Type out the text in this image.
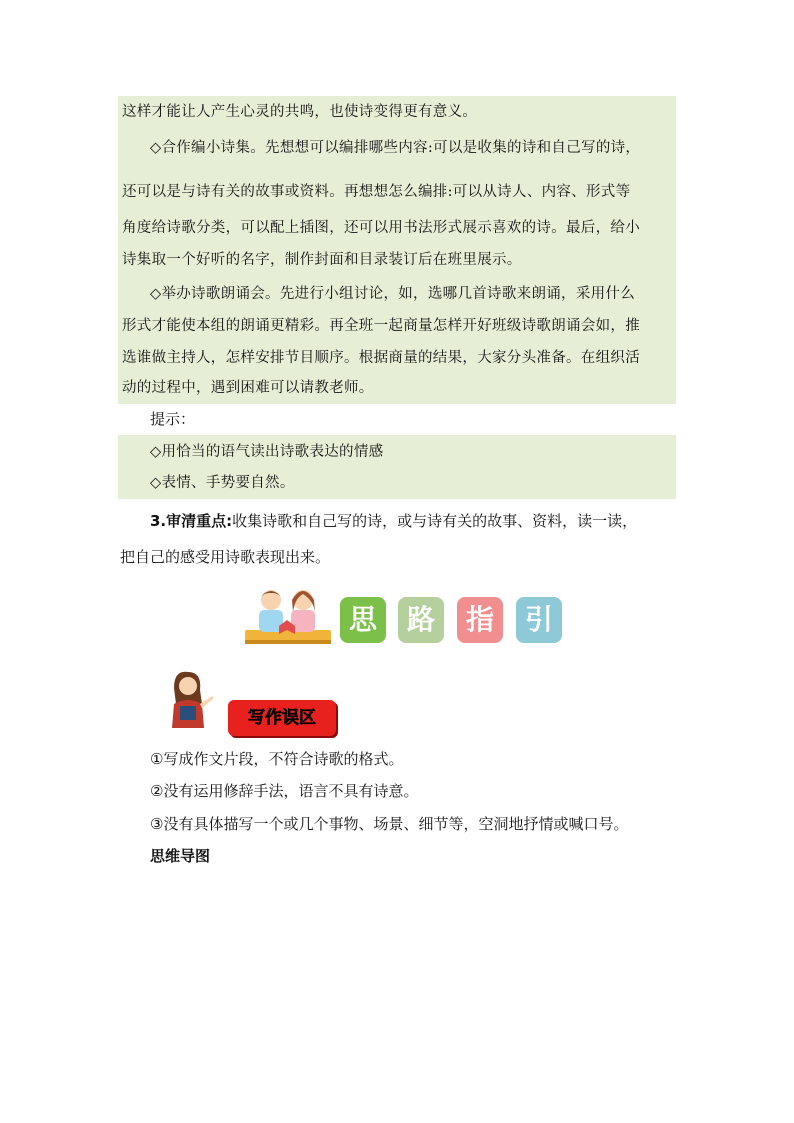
这样才能让人产生心灵的共鸣，也使诗变得更有意义。
◇合作编小诗集。先想想可以编排哪些内容:可以是收集的诗和自己写的诗，
还可以是与诗有关的故事或资料。再想想怎么编排:可以从诗人、内容、形式等
角度给诗歌分类，可以配上插图，还可以用书法形式展示喜欢的诗。最后，给小
诗集取一个好听的名字，制作封面和目录装订后在班里展示。
◇举办诗歌朗诵会。先进行小组讨论，如，选哪几首诗歌来朗诵，采用什么
形式才能使本组的朗诵更精彩。再全班一起商量怎样开好班级诗歌朗诵会如，推
选谁做主持人，怎样安排节目顺序。根据商量的结果，大家分头准备。在组织活
动的过程中，遇到困难可以请教老师。
提示：
◇用恰当的语气读出诗歌表达的情感
◇表情、手势要自然。
3.审清重点:收集诗歌和自己写的诗，或与诗有关的故事、资料，读一读，
把自己的感受用诗歌表现出来。
思	路	指	引
写作误区
①写成作文片段，不符合诗歌的格式。
②没有运用修辞手法，语言不具有诗意。
③没有具体描写一个或几个事物、场景、细节等，空洞地抒情或喊口号。
思维导图
